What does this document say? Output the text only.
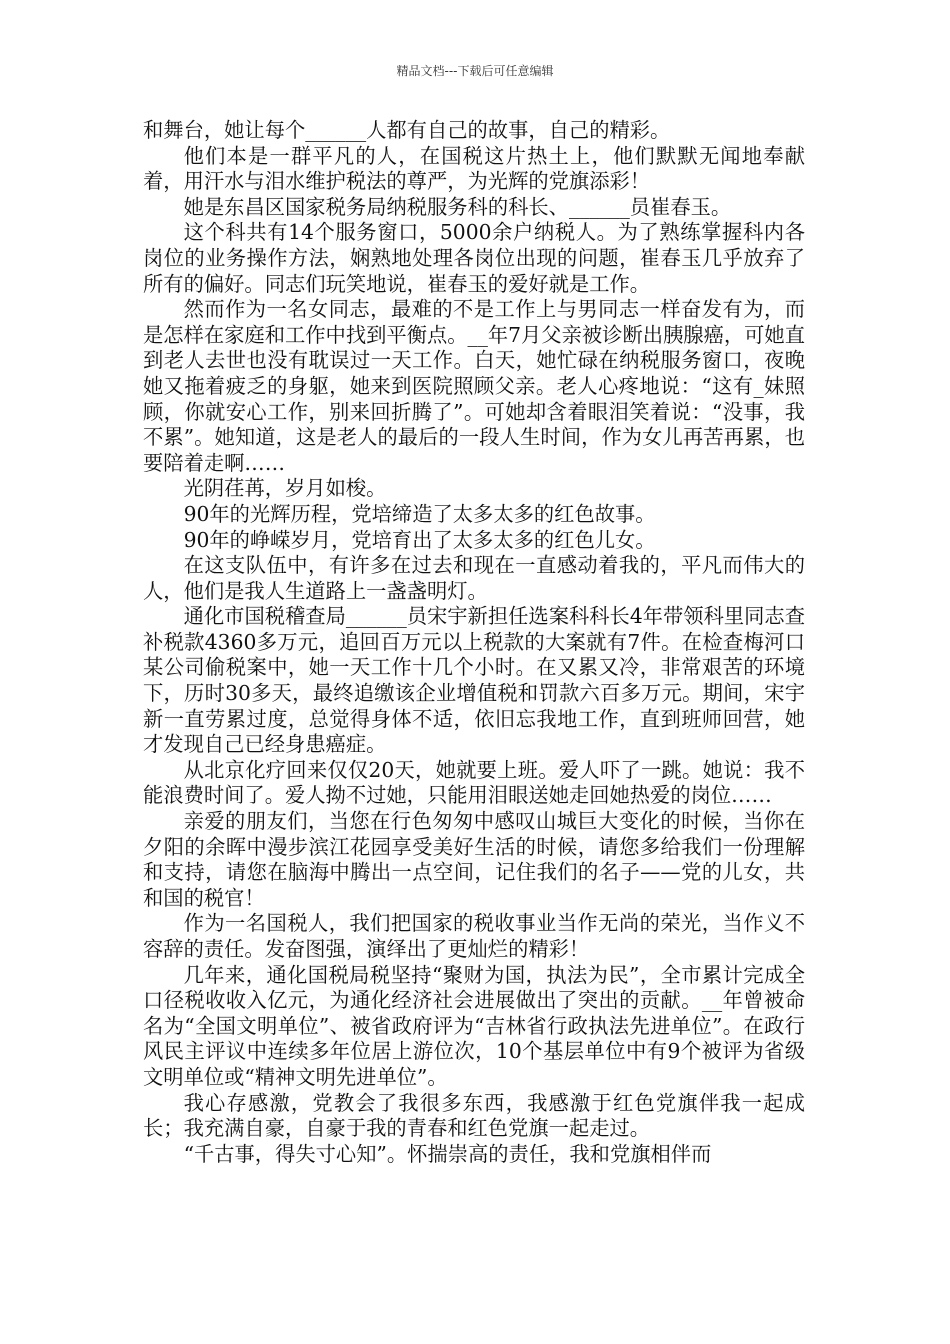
精品文档---下载后可任意编辑

和舞台，她让每个______人都有自己的故事，自己的精彩。

他们本是一群平凡的人，在国税这片热土上，他们默默无闻地奉献着，用汗水与泪水维护税法的尊严，为光辉的党旗添彩！

她是东昌区国家税务局纳税服务科的科长、______员崔春玉。

这个科共有14个服务窗口，5000余户纳税人。为了熟练掌握科内各岗位的业务操作方法，娴熟地处理各岗位出现的问题，崔春玉几乎放弃了所有的偏好。同志们玩笑地说，崔春玉的爱好就是工作。

然而作为一名女同志，最难的不是工作上与男同志一样奋发有为，而是怎样在家庭和工作中找到平衡点。__年7月父亲被诊断出胰腺癌，可她直到老人去世也没有耽误过一天工作。白天，她忙碌在纳税服务窗口，夜晚她又拖着疲乏的身躯，她来到医院照顾父亲。老人心疼地说：“这有_妹照顾，你就安心工作，别来回折腾了”。可她却含着眼泪笑着说：“没事，我不累”。她知道，这是老人的最后的一段人生时间，作为女儿再苦再累，也要陪着走啊……

光阴荏苒，岁月如梭。

90年的光辉历程，党培缔造了太多太多的红色故事。

90年的峥嵘岁月，党培育出了太多太多的红色儿女。

在这支队伍中，有许多在过去和现在一直感动着我的，平凡而伟大的人，他们是我人生道路上一盏盏明灯。

通化市国税稽查局______员宋宇新担任选案科科长4年带领科里同志查补税款4360多万元，追回百万元以上税款的大案就有7件。在检查梅河口某公司偷税案中，她一天工作十几个小时。在又累又冷，非常艰苦的环境下，历时30多天，最终追缴该企业增值税和罚款六百多万元。期间，宋宇新一直劳累过度，总觉得身体不适，依旧忘我地工作，直到班师回营，她才发现自己已经身患癌症。

从北京化疗回来仅仅20天，她就要上班。爱人吓了一跳。她说：我不能浪费时间了。爱人拗不过她，只能用泪眼送她走回她热爱的岗位……

亲爱的朋友们，当您在行色匆匆中感叹山城巨大变化的时候，当你在夕阳的余晖中漫步滨江花园享受美好生活的时候，请您多给我们一份理解和支持，请您在脑海中腾出一点空间，记住我们的名子——党的儿女，共和国的税官！

作为一名国税人，我们把国家的税收事业当作无尚的荣光，当作义不容辞的责任。发奋图强，演绎出了更灿烂的精彩！

几年来，通化国税局税坚持“聚财为国，执法为民”，全市累计完成全口径税收收入亿元，为通化经济社会进展做出了突出的贡献。__年曾被命名为“全国文明单位”、被省政府评为“吉林省行政执法先进单位”。在政行风民主评议中连续多年位居上游位次，10个基层单位中有9个被评为省级文明单位或“精神文明先进单位”。

我心存感激，党教会了我很多东西，我感激于红色党旗伴我一起成长；我充满自豪，自豪于我的青春和红色党旗一起走过。

“千古事，得失寸心知”。怀揣崇高的责任，我和党旗相伴而
